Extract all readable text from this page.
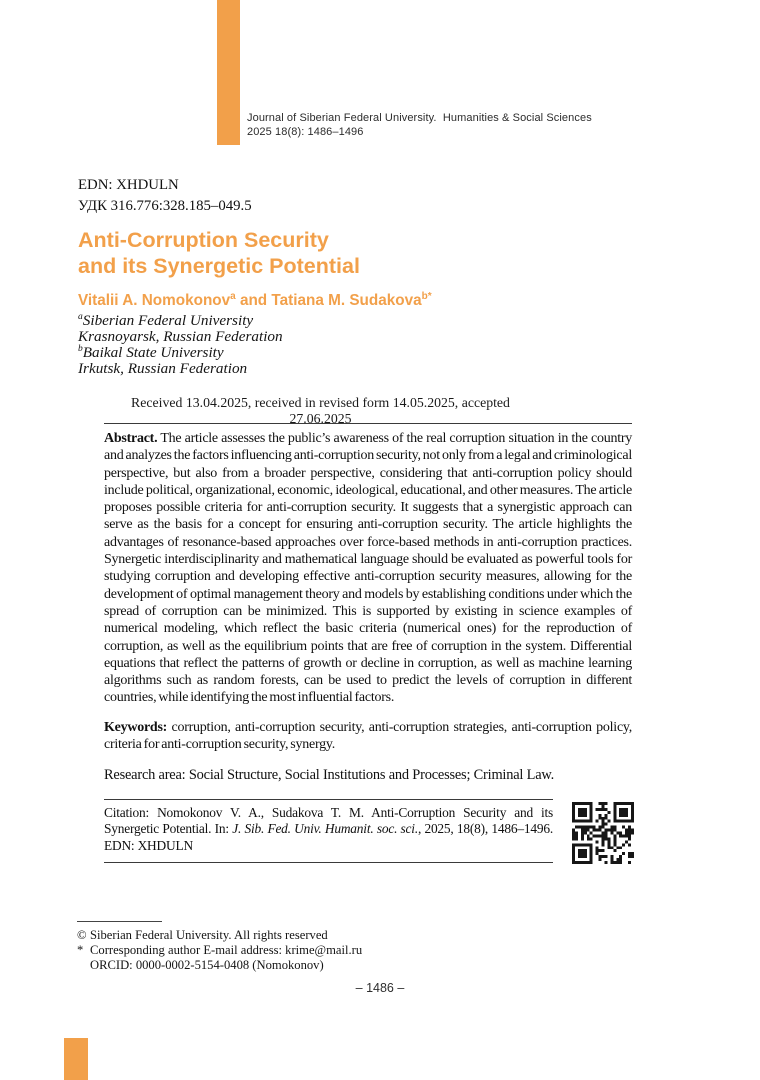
Journal of Siberian Federal University.  Humanities & Social Sciences
2025 18(8): 1486–1496
EDN: XHDULN
УДК 316.776:328.185–049.5
Anti-Corruption Security
and its Synergetic Potential
Vitalii A. Nomokonov$^a$ and Tatiana M. Sudakova$^{b*}$
$^a$Siberian Federal University
Krasnoyarsk, Russian Federation
$^b$Baikal State University
Irkutsk, Russian Federation
Received 13.04.2025, received in revised form 14.05.2025, accepted 27.06.2025
Abstract. The article assesses the public’s awareness of the real corruption situation in the country and analyzes the factors influencing anti-corruption security, not only from a legal and criminological perspective, but also from a broader perspective, considering that anti-corruption policy should include political, organizational, economic, ideological, educational, and other measures. The article proposes possible criteria for anti-corruption security. It suggests that a synergistic approach can serve as the basis for a concept for ensuring anti-corruption security. The article highlights the advantages of resonance-based approaches over force-based methods in anti-corruption practices. Synergetic interdisciplinarity and mathematical language should be evaluated as powerful tools for studying corruption and developing effective anti-corruption security measures, allowing for the development of optimal management theory and models by establishing conditions under which the spread of corruption can be minimized. This is supported by existing in science examples of numerical modeling, which reflect the basic criteria (numerical ones) for the reproduction of corruption, as well as the equilibrium points that are free of corruption in the system. Differential equations that reflect the patterns of growth or decline in corruption, as well as machine learning algorithms such as random forests, can be used to predict the levels of corruption in different countries, while identifying the most influential factors.
Keywords: corruption, anti-corruption security, anti-corruption strategies, anti-corruption policy, criteria for anti-corruption security, synergy.
Research area: Social Structure, Social Institutions and Processes; Criminal Law.
Citation: Nomokonov V. A., Sudakova T. M. Anti-Corruption Security and its Synergetic Potential. In: J. Sib. Fed. Univ. Humanit. soc. sci., 2025, 18(8), 1486–1496. EDN: XHDULN
© Siberian Federal University. All rights reserved
* Corresponding author E-mail address: krime@mail.ru
ORCID: 0000-0002-5154-0408 (Nomokonov)
– 1486 –
